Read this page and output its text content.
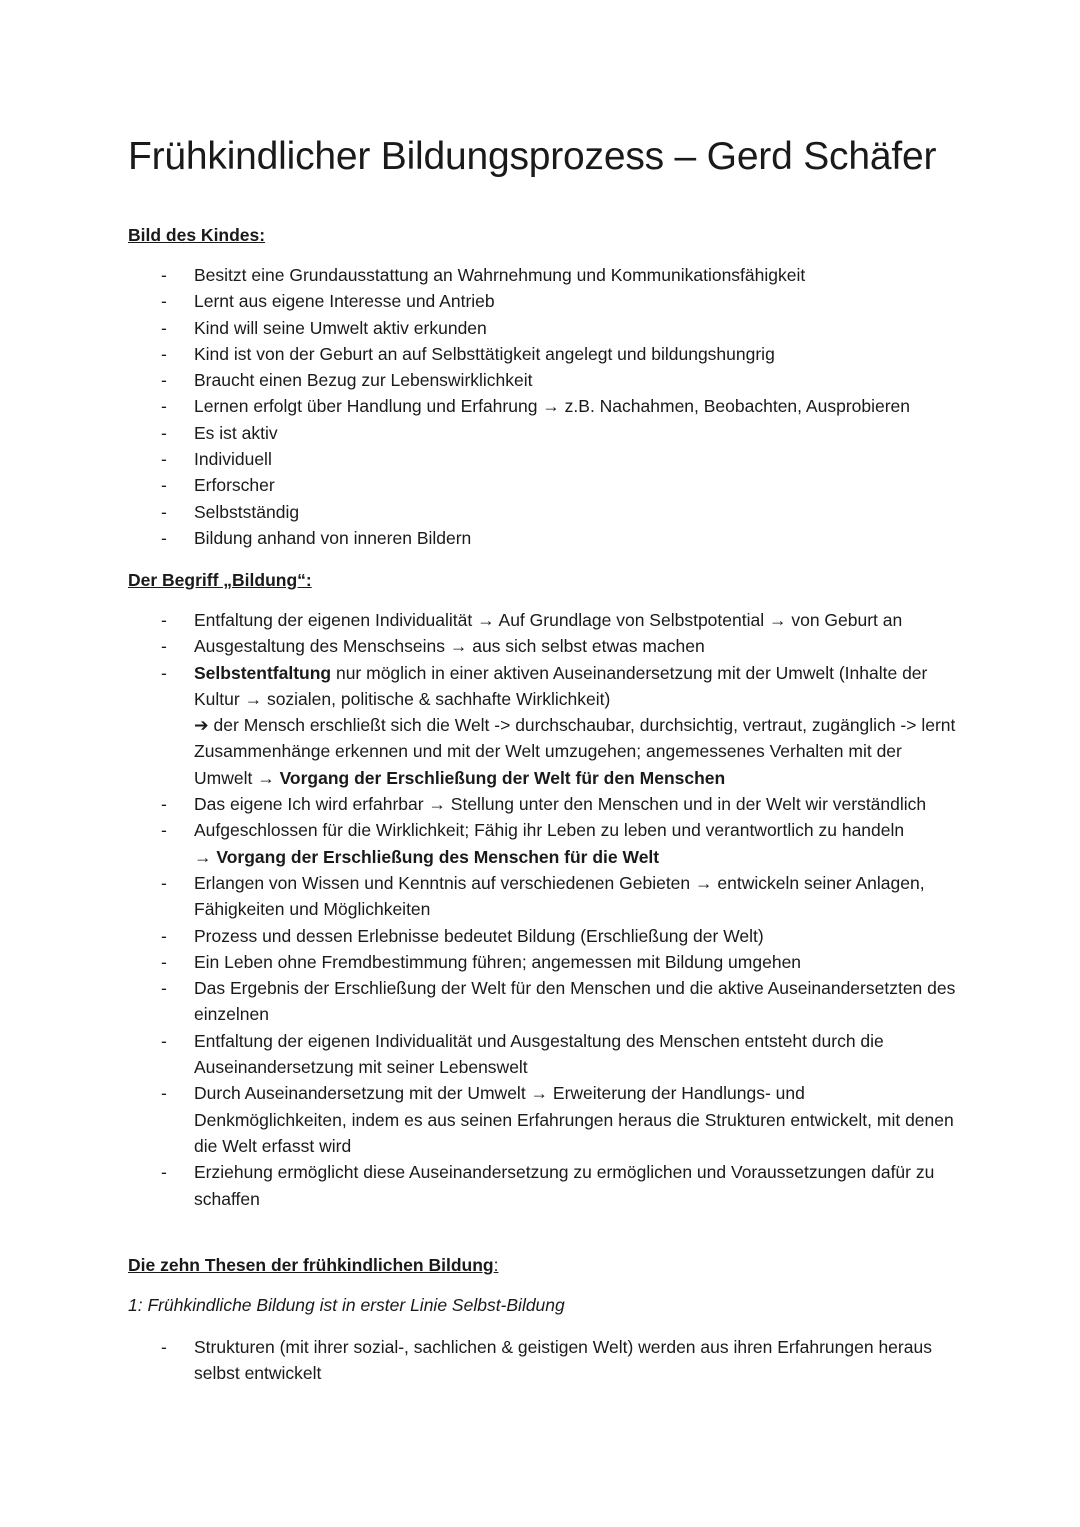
Frühkindlicher Bildungsprozess – Gerd Schäfer
Bild des Kindes:
- Besitzt eine Grundausstattung an Wahrnehmung und Kommunikationsfähigkeit
- Lernt aus eigene Interesse und Antrieb
- Kind will seine Umwelt aktiv erkunden
- Kind ist von der Geburt an auf Selbsttätigkeit angelegt und bildungshungrig
- Braucht einen Bezug zur Lebenswirklichkeit
- Lernen erfolgt über Handlung und Erfahrung → z.B. Nachahmen, Beobachten, Ausprobieren
- Es ist aktiv
- Individuell
- Erforscher
- Selbstständig
- Bildung anhand von inneren Bildern
Der Begriff „Bildung“:
- Entfaltung der eigenen Individualität → Auf Grundlage von Selbstpotential → von Geburt an
- Ausgestaltung des Menschseins → aus sich selbst etwas machen
- Selbstentfaltung nur möglich in einer aktiven Auseinandersetzung mit der Umwelt (Inhalte der Kultur → sozialen, politische & sachhafte Wirklichkeit)
➔ der Mensch erschließt sich die Welt -> durchschaubar, durchsichtig, vertraut, zugänglich -> lernt Zusammenhänge erkennen und mit der Welt umzugehen; angemessenes Verhalten mit der Umwelt → Vorgang der Erschließung der Welt für den Menschen
- Das eigene Ich wird erfahrbar → Stellung unter den Menschen und in der Welt wir verständlich
- Aufgeschlossen für die Wirklichkeit; Fähig ihr Leben zu leben und verantwortlich zu handeln
→ Vorgang der Erschließung des Menschen für die Welt
- Erlangen von Wissen und Kenntnis auf verschiedenen Gebieten → entwickeln seiner Anlagen, Fähigkeiten und Möglichkeiten
- Prozess und dessen Erlebnisse bedeutet Bildung (Erschließung der Welt)
- Ein Leben ohne Fremdbestimmung führen; angemessen mit Bildung umgehen
- Das Ergebnis der Erschließung der Welt für den Menschen und die aktive Auseinandersetzten des einzelnen
- Entfaltung der eigenen Individualität und Ausgestaltung des Menschen entsteht durch die Auseinandersetzung mit seiner Lebenswelt
- Durch Auseinandersetzung mit der Umwelt → Erweiterung der Handlungs- und Denkmöglichkeiten, indem es aus seinen Erfahrungen heraus die Strukturen entwickelt, mit denen die Welt erfasst wird
- Erziehung ermöglicht diese Auseinandersetzung zu ermöglichen und Voraussetzungen dafür zu schaffen
Die zehn Thesen der frühkindlichen Bildung:
1: Frühkindliche Bildung ist in erster Linie Selbst-Bildung
- Strukturen (mit ihrer sozial-, sachlichen & geistigen Welt) werden aus ihren Erfahrungen heraus selbst entwickelt
